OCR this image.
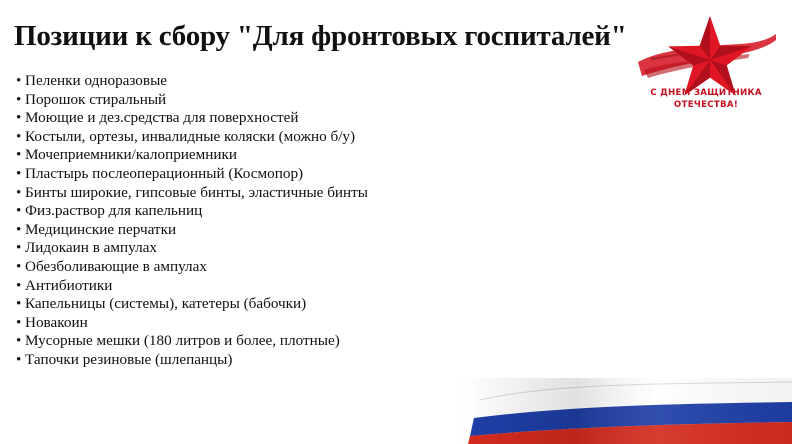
Позиции к сбору "Для фронтовых госпиталей"
• Пеленки одноразовые
• Порошок стиральный
• Моющие и дез.средства для поверхностей
• Костыли, ортезы, инвалидные коляски (можно б/у)
• Мочеприемники/калоприемники
• Пластырь послеоперационный (Космопор)
• Бинты широкие, гипсовые бинты, эластичные бинты
• Физ.раствор для капельниц
• Медицинские перчатки
• Лидокаин в ампулах
• Обезболивающие в ампулах
• Антибиотики
• Капельницы (системы), катетеры (бабочки)
• Новакоин
• Мусорные мешки (180 литров и более, плотные)
• Тапочки резиновые (шлепанцы)
С ДНЕМ ЗАЩИТНИКА
ОТЕЧЕСТВА!
